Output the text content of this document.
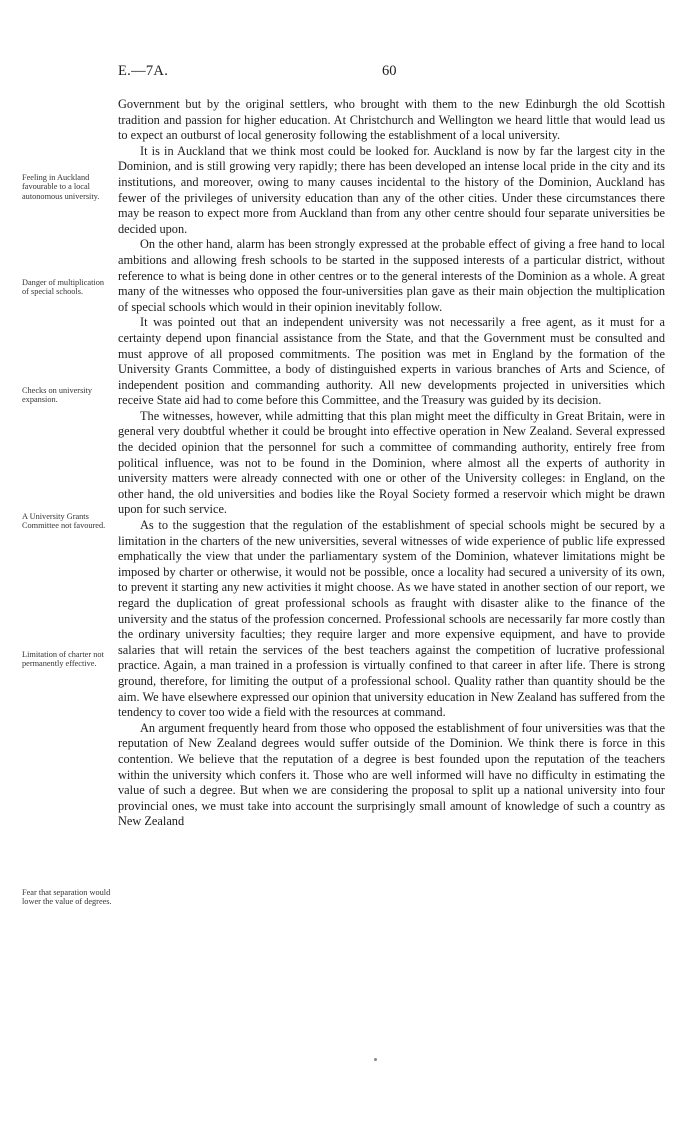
E.—7A.	60
Feeling in Auckland favourable to a local autonomous university.
Danger of multiplication of special schools.
Checks on university expansion.
A University Grants Committee not favoured.
Limitation of charter not permanently effective.
Fear that separation would lower the value of degrees.

Government but by the original settlers, who brought with them to the new Edinburgh the old Scottish tradition and passion for higher education. At Christchurch and Wellington we heard little that would lead us to expect an outburst of local generosity following the establishment of a local university.

It is in Auckland that we think most could be looked for. Auckland is now by far the largest city in the Dominion, and is still growing very rapidly; there has been developed an intense local pride in the city and its institutions, and moreover, owing to many causes incidental to the history of the Dominion, Auckland has fewer of the privileges of university education than any of the other cities. Under these circumstances there may be reason to expect more from Auckland than from any other centre should four separate universities be decided upon.

On the other hand, alarm has been strongly expressed at the probable effect of giving a free hand to local ambitions and allowing fresh schools to be started in the supposed interests of a particular district, without reference to what is being done in other centres or to the general interests of the Dominion as a whole. A great many of the witnesses who opposed the four-universities plan gave as their main objection the multiplication of special schools which would in their opinion inevitably follow.

It was pointed out that an independent university was not necessarily a free agent, as it must for a certainty depend upon financial assistance from the State, and that the Government must be consulted and must approve of all proposed commitments. The position was met in England by the formation of the University Grants Committee, a body of distinguished experts in various branches of Arts and Science, of independent position and commanding authority. All new developments projected in universities which receive State aid had to come before this Committee, and the Treasury was guided by its decision.

The witnesses, however, while admitting that this plan might meet the difficulty in Great Britain, were in general very doubtful whether it could be brought into effective operation in New Zealand. Several expressed the decided opinion that the personnel for such a committee of commanding authority, entirely free from political influence, was not to be found in the Dominion, where almost all the experts of authority in university matters were already connected with one or other of the University colleges: in England, on the other hand, the old universities and bodies like the Royal Society formed a reservoir which might be drawn upon for such service.

As to the suggestion that the regulation of the establishment of special schools might be secured by a limitation in the charters of the new universities, several witnesses of wide experience of public life expressed emphatically the view that under the parliamentary system of the Dominion, whatever limitations might be imposed by charter or otherwise, it would not be possible, once a locality had secured a university of its own, to prevent it starting any new activities it might choose. As we have stated in another section of our report, we regard the duplication of great professional schools as fraught with disaster alike to the finance of the university and the status of the profession concerned. Professional schools are necessarily far more costly than the ordinary university faculties; they require larger and more expensive equipment, and have to provide salaries that will retain the services of the best teachers against the competition of lucrative professional practice. Again, a man trained in a profession is virtually confined to that career in after life. There is strong ground, therefore, for limiting the output of a professional school. Quality rather than quantity should be the aim. We have elsewhere expressed our opinion that university education in New Zealand has suffered from the tendency to cover too wide a field with the resources at command.

An argument frequently heard from those who opposed the establishment of four universities was that the reputation of New Zealand degrees would suffer outside of the Dominion. We think there is force in this contention. We believe that the reputation of a degree is best founded upon the reputation of the teachers within the university which confers it. Those who are well informed will have no difficulty in estimating the value of such a degree. But when we are considering the proposal to split up a national university into four provincial ones, we must take into account the surprisingly small amount of knowledge of such a country as New Zealand
